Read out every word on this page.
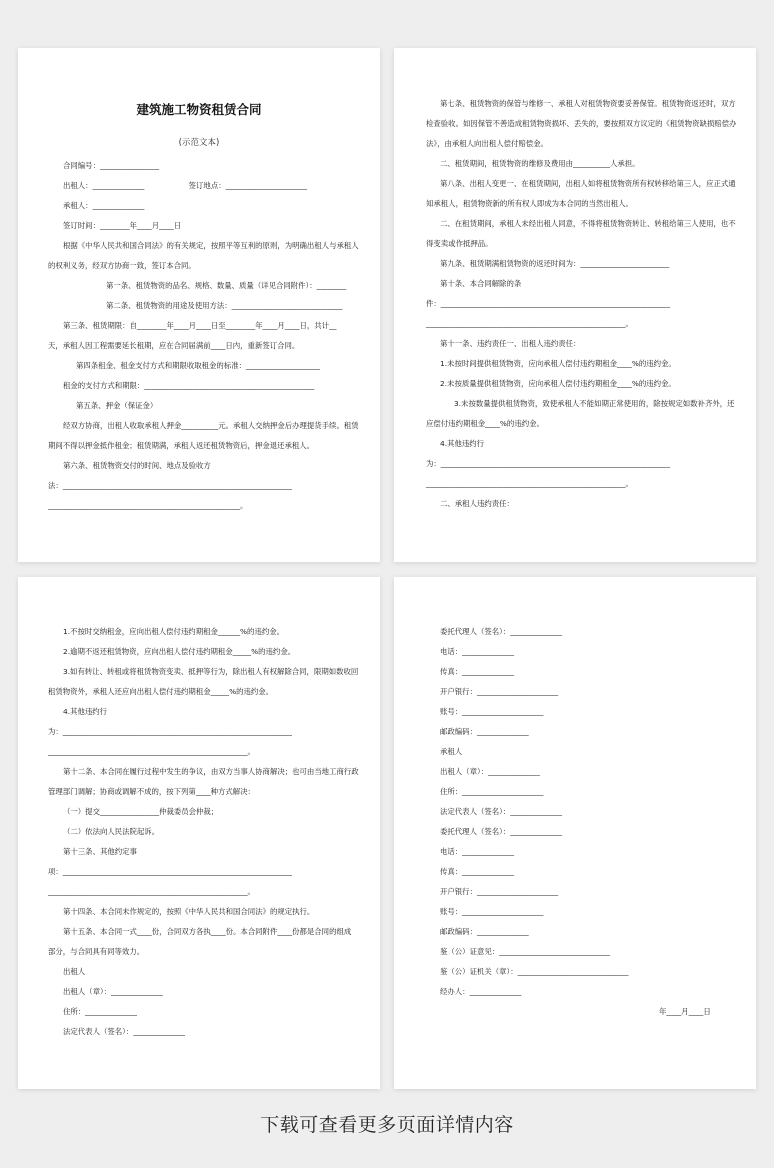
建筑施工物资租赁合同
(示范文本)
合同编号：________________
出租人：______________　　　　　　签订地点：______________________
承租人：______________
签订时间：________年____月____日
根据《中华人民共和国合同法》的有关规定，按照平等互利的原则，为明确出租人与承租人
的权利义务，经双方协商一致，签订本合同。
第一条、租赁物资的品名、规格、数量、质量（详见合同附件）：________
第二条、租赁物资的用途及使用方法：______________________________
第三条、租赁期限：自________年____月____日至________年____月____日，共计__
天，承租人因工程需要延长租期，应在合同届满前____日内，重新签订合同。
第四条租金、租金支付方式和期限收取租金的标准：____________________
租金的支付方式和期限：______________________________________________
第五条、押金（保证金）
经双方协商，出租人收取承租人押金__________元。承租人交纳押金后办理提货手续。租赁
期间不得以押金抵作租金；租赁期满，承租人返还租赁物资后，押金退还承租人。
第六条、租赁物资交付的时间、地点及验收方
法：______________________________________________________________
____________________________________________________。
第七条、租赁物资的保管与维修一、承租人对租赁物资要妥善保管。租赁物资返还时，双方
检查验收。如因保管不善造成租赁物资损坏、丢失的，要按照双方议定的《租赁物资缺损赔偿办
法》，由承租人向出租人偿付赔偿金。
二、租赁期间，租赁物资的维修及费用由__________人承担。
第八条、出租人变更一、在租赁期间，出租人如将租赁物资所有权转移给第三人，应正式通
知承租人，租赁物资新的所有权人即成为本合同的当然出租人。
二、在租赁期间，承租人未经出租人同意，不得将租赁物资转让、转租给第三人使用，也不
得变卖或作抵押品。
第九条、租赁期满租赁物资的返还时间为：________________________
第十条、本合同解除的条
件：______________________________________________________________
______________________________________________________。
第十一条、违约责任一、出租人违约责任：
1.未按时间提供租赁物资，应向承租人偿付违约期租金____%的违约金。
2.未按质量提供租赁物资，应向承租人偿付违约期租金____%的违约金。
3.未按数量提供租赁物资，致使承租人不能如期正常使用的，除按规定如数补齐外，还
应偿付违约期租金____%的违约金。
4.其他违约行
为：______________________________________________________________
______________________________________________________。
二、承租人违约责任：
1.不按时交纳租金，应向出租人偿付违约期租金______%的违约金。
2.逾期不返还租赁物资，应向出租人偿付违约期租金_____%的违约金。
3.如有转让、转租或将租赁物资变卖、抵押等行为，除出租人有权解除合同，限期如数收回
租赁物资外，承租人还应向出租人偿付违约期租金_____%的违约金。
4.其他违约行
为：______________________________________________________________
______________________________________________________。
第十二条、本合同在履行过程中发生的争议，由双方当事人协商解决；也可由当地工商行政
管理部门调解；协商或调解不成的，按下列第____种方式解决：
（一）提交________________仲裁委员会仲裁；
（二）依法向人民法院起诉。
第十三条、其他约定事
项：______________________________________________________________
______________________________________________________。
第十四条、本合同未作规定的，按照《中华人民共和国合同法》的规定执行。
第十五条、本合同一式____份，合同双方各执____份。本合同附件____份都是合同的组成
部分，与合同具有同等效力。
出租人
出租人（章）：______________
住所：______________
法定代表人（签名）：______________
委托代理人（签名）：______________
电话：______________
传真：______________
开户银行：______________________
账号：______________________
邮政编码：______________
承租人
出租人（章）：______________
住所：______________________
法定代表人（签名）：______________
委托代理人（签名）：______________
电话：______________
传真：______________
开户银行：______________________
账号：______________________
邮政编码：______________
鉴（公）证意见：______________________________
鉴（公）证机关（章）：______________________________
经办人：______________
年____月____日
下载可查看更多页面详情内容
